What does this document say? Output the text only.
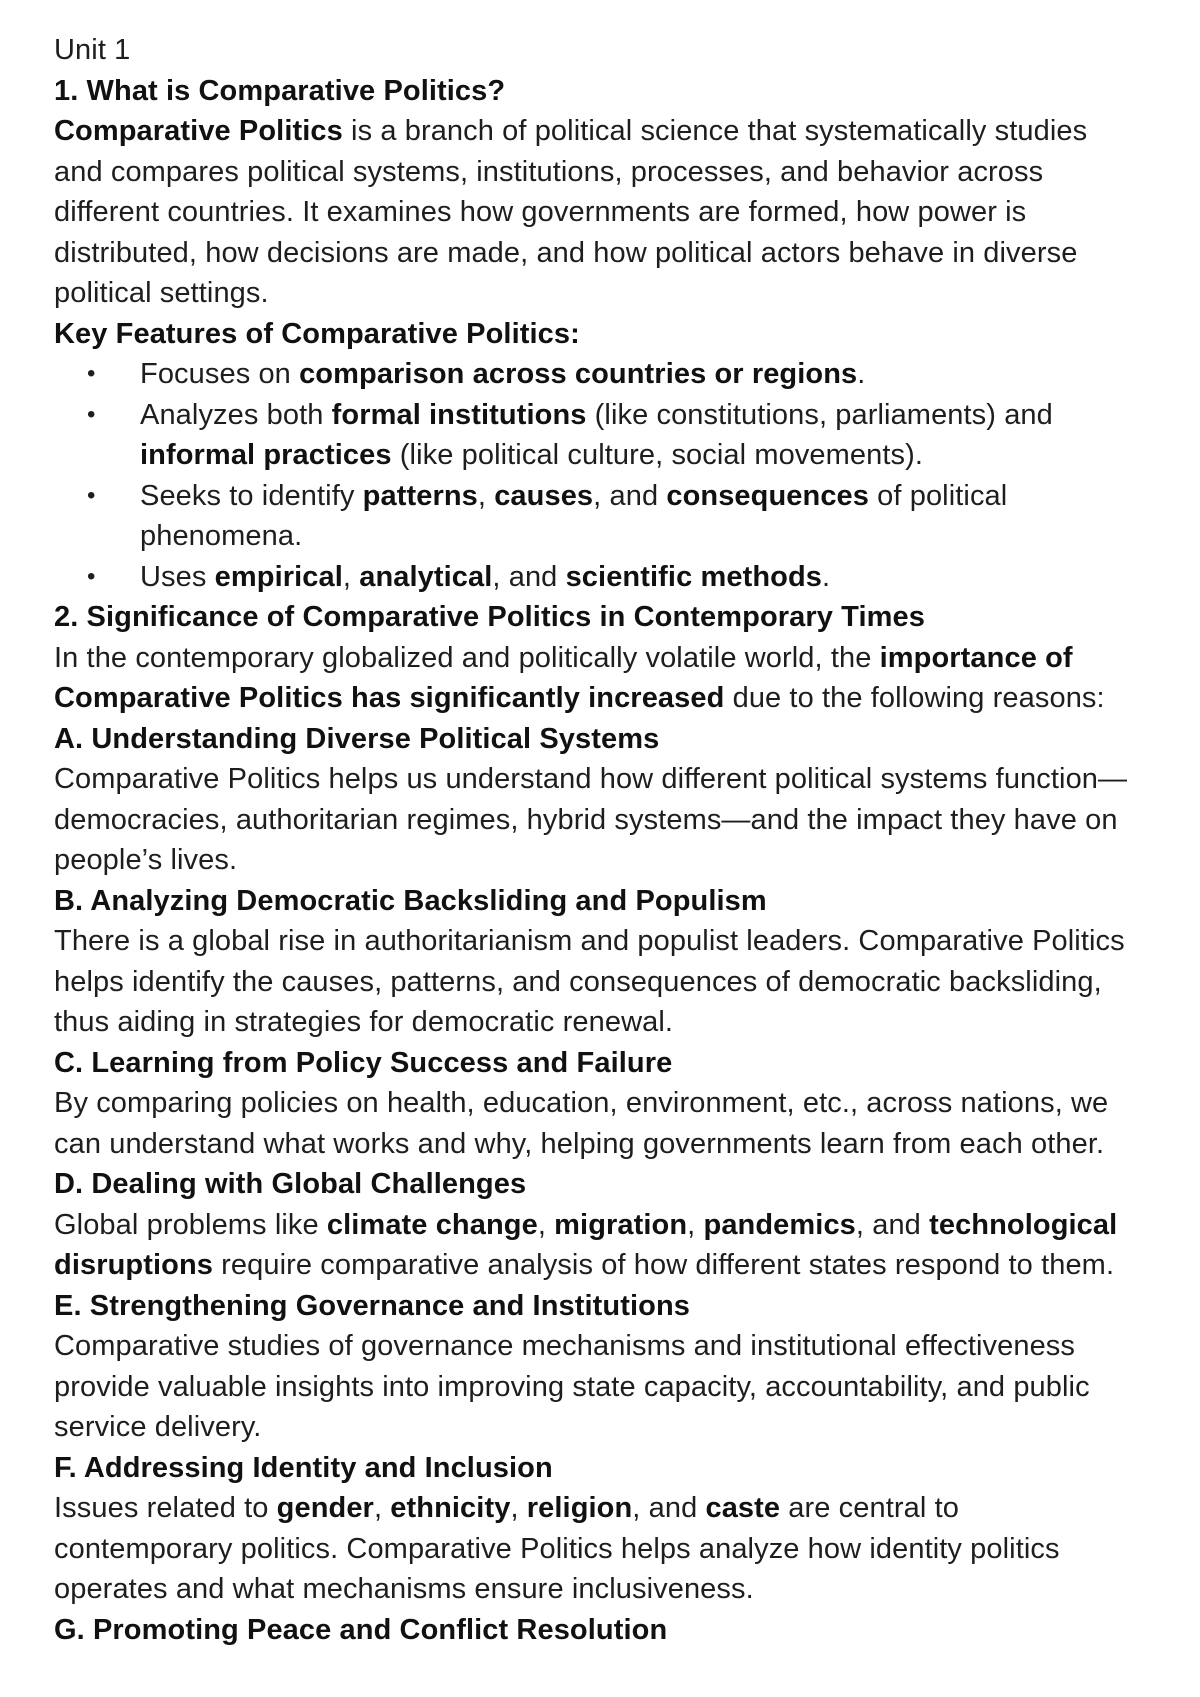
Unit 1

1. What is Comparative Politics?

Comparative Politics is a branch of political science that systematically studies and compares political systems, institutions, processes, and behavior across different countries. It examines how governments are formed, how power is distributed, how decisions are made, and how political actors behave in diverse political settings.

Key Features of Comparative Politics:

• Focuses on comparison across countries or regions.
• Analyzes both formal institutions (like constitutions, parliaments) and informal practices (like political culture, social movements).
• Seeks to identify patterns, causes, and consequences of political phenomena.
• Uses empirical, analytical, and scientific methods.

2. Significance of Comparative Politics in Contemporary Times

In the contemporary globalized and politically volatile world, the importance of Comparative Politics has significantly increased due to the following reasons:

A. Understanding Diverse Political Systems

Comparative Politics helps us understand how different political systems function—democracies, authoritarian regimes, hybrid systems—and the impact they have on people’s lives.

B. Analyzing Democratic Backsliding and Populism

There is a global rise in authoritarianism and populist leaders. Comparative Politics helps identify the causes, patterns, and consequences of democratic backsliding, thus aiding in strategies for democratic renewal.

C. Learning from Policy Success and Failure

By comparing policies on health, education, environment, etc., across nations, we can understand what works and why, helping governments learn from each other.

D. Dealing with Global Challenges

Global problems like climate change, migration, pandemics, and technological disruptions require comparative analysis of how different states respond to them.

E. Strengthening Governance and Institutions

Comparative studies of governance mechanisms and institutional effectiveness provide valuable insights into improving state capacity, accountability, and public service delivery.

F. Addressing Identity and Inclusion

Issues related to gender, ethnicity, religion, and caste are central to contemporary politics. Comparative Politics helps analyze how identity politics operates and what mechanisms ensure inclusiveness.

G. Promoting Peace and Conflict Resolution
